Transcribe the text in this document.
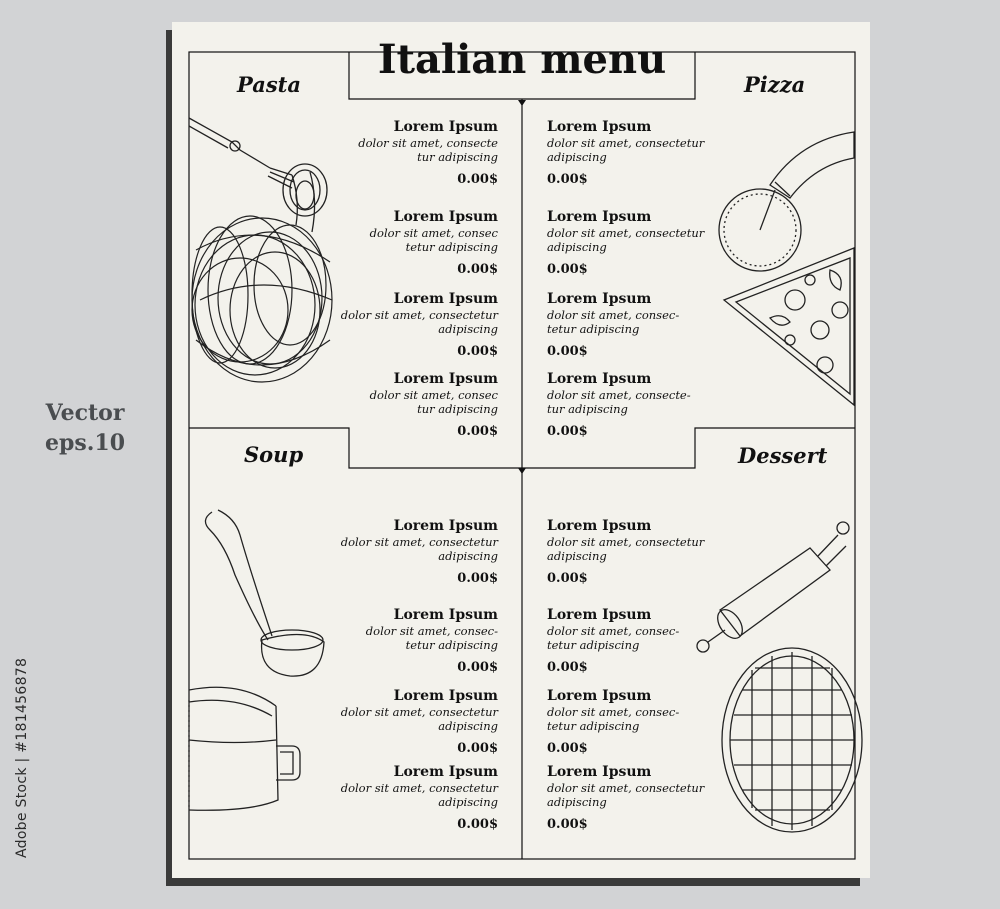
Vector
eps.10
Adobe Stock | #181456878
Italian menu
Pasta	Pizza
Soup	Dessert
Lorem Ipsum
dolor sit amet, consecte
tur adipiscing
0.00$
Lorem Ipsum
dolor sit amet, consec
tetur adipiscing
0.00$
Lorem Ipsum
dolor sit amet, consectetur
adipiscing
0.00$
Lorem Ipsum
dolor sit amet, consec
tur adipiscing
0.00$
Lorem Ipsum
dolor sit amet, consectetur
adipiscing
0.00$
Lorem Ipsum
dolor sit amet, consectetur
adipiscing
0.00$
Lorem Ipsum
dolor sit amet, consec-
tetur adipiscing
0.00$
Lorem Ipsum
dolor sit amet, consecte-
tur adipiscing
0.00$
Lorem Ipsum
dolor sit amet, consectetur
adipiscing
0.00$
Lorem Ipsum
dolor sit amet, consec-
tetur adipiscing
0.00$
Lorem Ipsum
dolor sit amet, consectetur
adipiscing
0.00$
Lorem Ipsum
dolor sit amet, consectetur
adipiscing
0.00$
Lorem Ipsum
dolor sit amet, consectetur
adipiscing
0.00$
Lorem Ipsum
dolor sit amet, consec-
tetur adipiscing
0.00$
Lorem Ipsum
dolor sit amet, consec-
tetur adipiscing
0.00$
Lorem Ipsum
dolor sit amet, consectetur
adipiscing
0.00$
